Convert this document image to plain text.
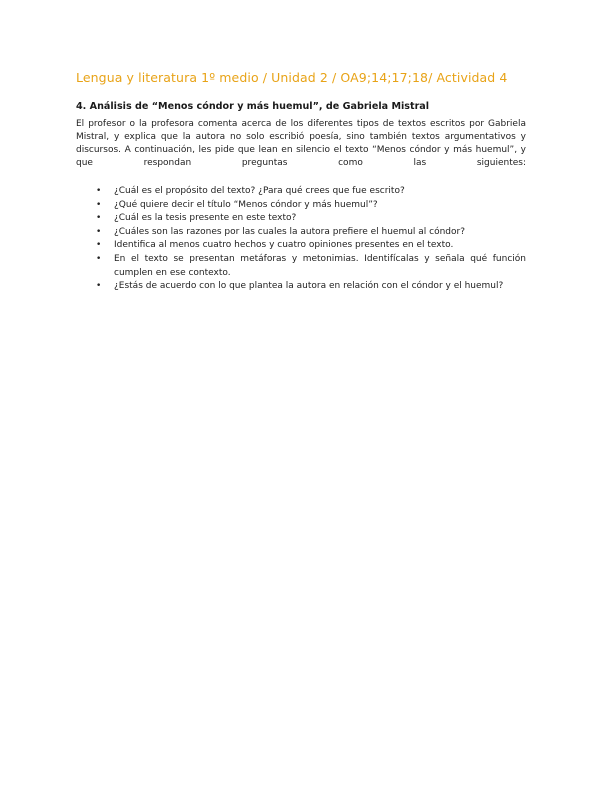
Lengua y literatura 1º medio / Unidad 2 / OA9;14;17;18/ Actividad 4
4. Análisis de “Menos cóndor y más huemul”, de Gabriela Mistral
El profesor o la profesora comenta acerca de los diferentes tipos de textos escritos por Gabriela Mistral, y explica que la autora no solo escribió poesía, sino también textos argumentativos y discursos. A continuación, les pide que lean en silencio el texto “Menos cóndor y más huemul”, y que respondan preguntas como las siguientes:
• ¿Cuál es el propósito del texto? ¿Para qué crees que fue escrito?
• ¿Qué quiere decir el título “Menos cóndor y más huemul”?
• ¿Cuál es la tesis presente en este texto?
• ¿Cuáles son las razones por las cuales la autora prefiere el huemul al cóndor?
• Identifica al menos cuatro hechos y cuatro opiniones presentes en el texto.
• En el texto se presentan metáforas y metonimias. Identifícalas y señala qué función cumplen en ese contexto.
• ¿Estás de acuerdo con lo que plantea la autora en relación con el cóndor y el huemul?
